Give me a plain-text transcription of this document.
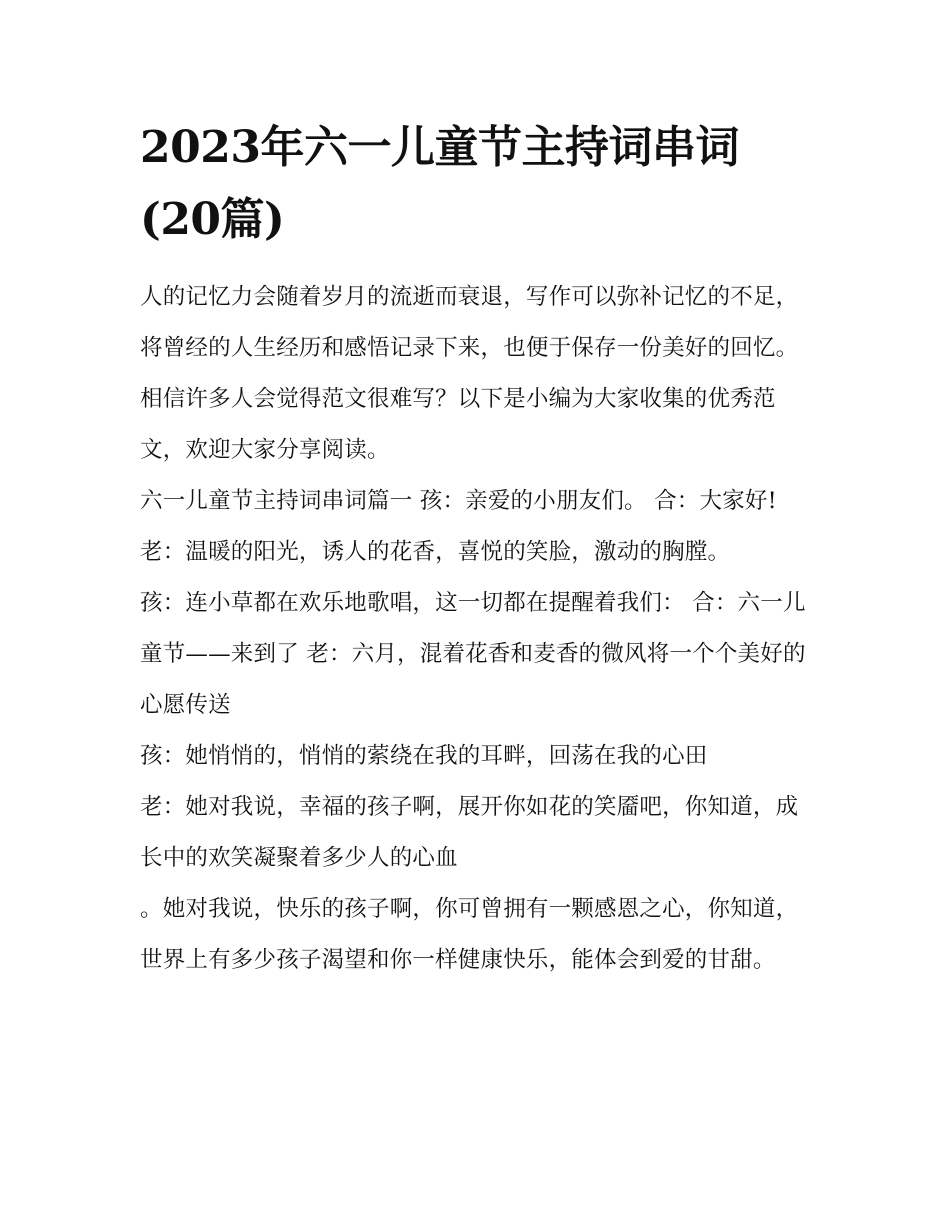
2023年六一儿童节主持词串词
(20篇)

人的记忆力会随着岁月的流逝而衰退，写作可以弥补记忆的不足，将曾经的人生经历和感悟记录下来，也便于保存一份美好的回忆。相信许多人会觉得范文很难写？以下是小编为大家收集的优秀范文，欢迎大家分享阅读。

六一儿童节主持词串词篇一 孩：亲爱的小朋友们。 合：大家好! 老：温暖的阳光，诱人的花香，喜悦的笑脸，激动的胸膛。

孩：连小草都在欢乐地歌唱，这一切都在提醒着我们： 合：六一儿童节——来到了 老：六月，混着花香和麦香的微风将一个个美好的心愿传送

孩：她悄悄的，悄悄的萦绕在我的耳畔，回荡在我的心田

老：她对我说，幸福的孩子啊，展开你如花的笑靥吧，你知道，成长中的欢笑凝聚着多少人的心血

。她对我说，快乐的孩子啊，你可曾拥有一颗感恩之心，你知道，世界上有多少孩子渴望和你一样健康快乐，能体会到爱的甘甜。
